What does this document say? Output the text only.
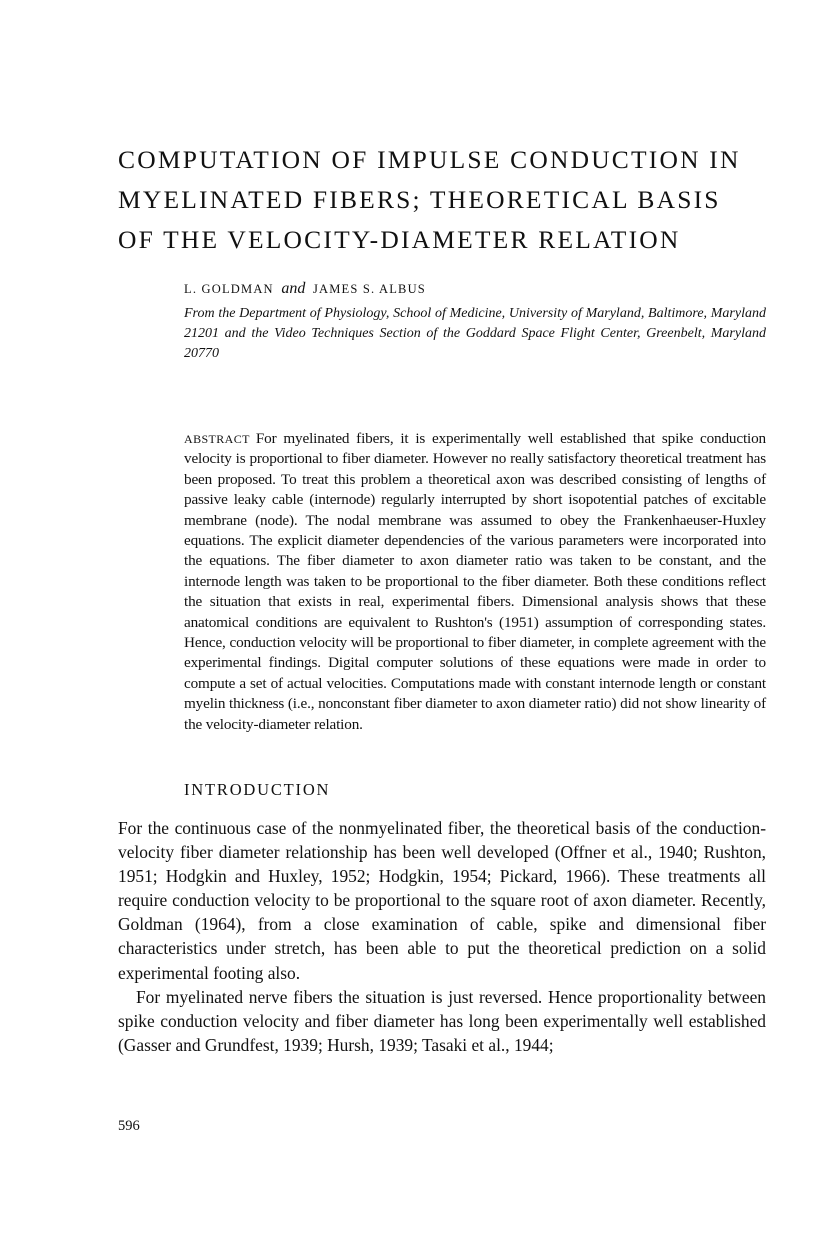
COMPUTATION OF IMPULSE CONDUCTION IN
MYELINATED FIBERS; THEORETICAL BASIS
OF THE VELOCITY-DIAMETER RELATION
L. GOLDMAN and JAMES S. ALBUS
From the Department of Physiology, School of Medicine, University of Maryland, Baltimore, Maryland 21201 and the Video Techniques Section of the Goddard Space Flight Center, Greenbelt, Maryland 20770
ABSTRACT For myelinated fibers, it is experimentally well established that spike conduction velocity is proportional to fiber diameter. However no really satisfactory theoretical treatment has been proposed. To treat this problem a theoretical axon was described consisting of lengths of passive leaky cable (internode) regularly interrupted by short isopotential patches of excitable membrane (node). The nodal membrane was assumed to obey the Frankenhaeuser-Huxley equations. The explicit diameter dependencies of the various parameters were incorporated into the equations. The fiber diameter to axon diameter ratio was taken to be constant, and the internode length was taken to be proportional to the fiber diameter. Both these conditions reflect the situation that exists in real, experimental fibers. Dimensional analysis shows that these anatomical conditions are equivalent to Rushton's (1951) assumption of corresponding states. Hence, conduction velocity will be proportional to fiber diameter, in complete agreement with the experimental findings. Digital computer solutions of these equations were made in order to compute a set of actual velocities. Computations made with constant internode length or constant myelin thickness (i.e., nonconstant fiber diameter to axon diameter ratio) did not show linearity of the velocity-diameter relation.
INTRODUCTION

For the continuous case of the nonmyelinated fiber, the theoretical basis of the conduction-velocity fiber diameter relationship has been well developed (Offner et al., 1940; Rushton, 1951; Hodgkin and Huxley, 1952; Hodgkin, 1954; Pickard, 1966). These treatments all require conduction velocity to be proportional to the square root of axon diameter. Recently, Goldman (1964), from a close examination of cable, spike and dimensional fiber characteristics under stretch, has been able to put the theoretical prediction on a solid experimental footing also.

For myelinated nerve fibers the situation is just reversed. Hence proportionality between spike conduction velocity and fiber diameter has long been experimentally well established (Gasser and Grundfest, 1939; Hursh, 1939; Tasaki et al., 1944;

596
